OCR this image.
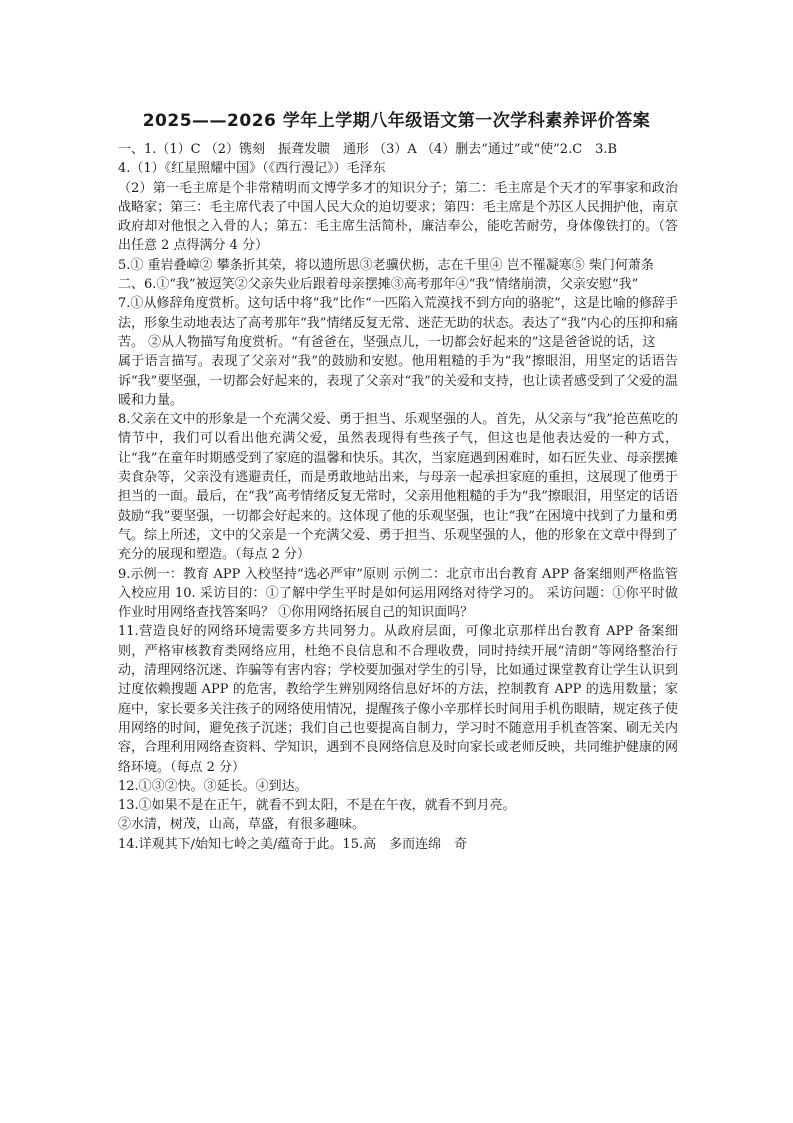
2025——2026 学年上学期八年级语文第一次学科素养评价答案

一、1.（1）C （2）镌刻　振聋发聩　通形 （3）A （4）删去“通过”或“使”2.C　3.B

4.（1）《红星照耀中国》（《西行漫记》）毛泽东

（2）第一毛主席是个非常精明而文博学多才的知识分子；第二：毛主席是个天才的军事家和政治战略家；第三：毛主席代表了中国人民大众的迫切要求；第四：毛主席是个苏区人民拥护他，南京政府却对他恨之入骨的人；第五：毛主席生活简朴，廉洁奉公，能吃苦耐劳，身体像铁打的。（答出任意 2 点得满分 4 分）

5.① 重岩叠嶂② 攀条折其荣，将以遗所思③老骥伏枥，志在千里④ 岂不罹凝寒⑤ 柴门何萧条

二、6.①“我”被逗笑②父亲失业后跟着母亲摆摊③高考那年④“我”情绪崩溃，父亲安慰“我”

7.①从修辞角度赏析。这句话中将“我”比作“一匹陷入荒漠找不到方向的骆驼”，这是比喻的修辞手法，形象生动地表达了高考那年“我”情绪反复无常、迷茫无助的状态。表达了“我”内心的压抑和痛苦。 ②从人物描写角度赏析。“有爸爸在，坚强点儿，一切都会好起来的”这是爸爸说的话，这

属于语言描写。表现了父亲对“我”的鼓励和安慰。他用粗糙的手为“我”擦眼泪，用坚定的话语告诉“我”要坚强，一切都会好起来的，表现了父亲对“我”的关爱和支持，也让读者感受到了父爱的温暖和力量。

8.父亲在文中的形象是一个充满父爱、勇于担当、乐观坚强的人。首先，从父亲与“我”抢芭蕉吃的情节中，我们可以看出他充满父爱，虽然表现得有些孩子气，但这也是他表达爱的一种方式，让“我”在童年时期感受到了家庭的温馨和快乐。其次，当家庭遇到困难时，如石匠失业、母亲摆摊卖食杂等，父亲没有逃避责任，而是勇敢地站出来，与母亲一起承担家庭的重担，这展现了他勇于担当的一面。最后，在“我”高考情绪反复无常时，父亲用他粗糙的手为“我”擦眼泪，用坚定的话语鼓励“我”要坚强，一切都会好起来的。这体现了他的乐观坚强，也让“我”在困境中找到了力量和勇气。综上所述，文中的父亲是一个充满父爱、勇于担当、乐观坚强的人，他的形象在文章中得到了充分的展现和塑造。（每点 2 分）

9.示例一：教育 APP 入校坚持“选必严审”原则 示例二：北京市出台教育 APP 备案细则严格监管入校应用 10. 采访目的：①了解中学生平时是如何运用网络对待学习的。 采访问题：①你平时做作业时用网络查找答案吗？ ①你用网络拓展自己的知识面吗？

11.营造良好的网络环境需要多方共同努力。从政府层面，可像北京那样出台教育 APP 备案细则，严格审核教育类网络应用，杜绝不良信息和不合理收费，同时持续开展“清朗”等网络整治行动，清理网络沉迷、诈骗等有害内容；学校要加强对学生的引导，比如通过课堂教育让学生认识到过度依赖搜题 APP 的危害，教给学生辨别网络信息好坏的方法，控制教育 APP 的选用数量；家庭中，家长要多关注孩子的网络使用情况，提醒孩子像小辛那样长时间用手机伤眼睛，规定孩子使用网络的时间，避免孩子沉迷；我们自己也要提高自制力，学习时不随意用手机查答案、刷无关内容，合理利用网络查资料、学知识，遇到不良网络信息及时向家长或老师反映，共同维护健康的网络环境。（每点 2 分）

12.①③②快。③延长。④到达。

13.①如果不是在正午，就看不到太阳，不是在午夜，就看不到月亮。

②水清，树茂，山高，草盛，有很多趣味。

14.详观其下/始知七岭之美/蕴奇于此。15.高　多而连绵　奇
